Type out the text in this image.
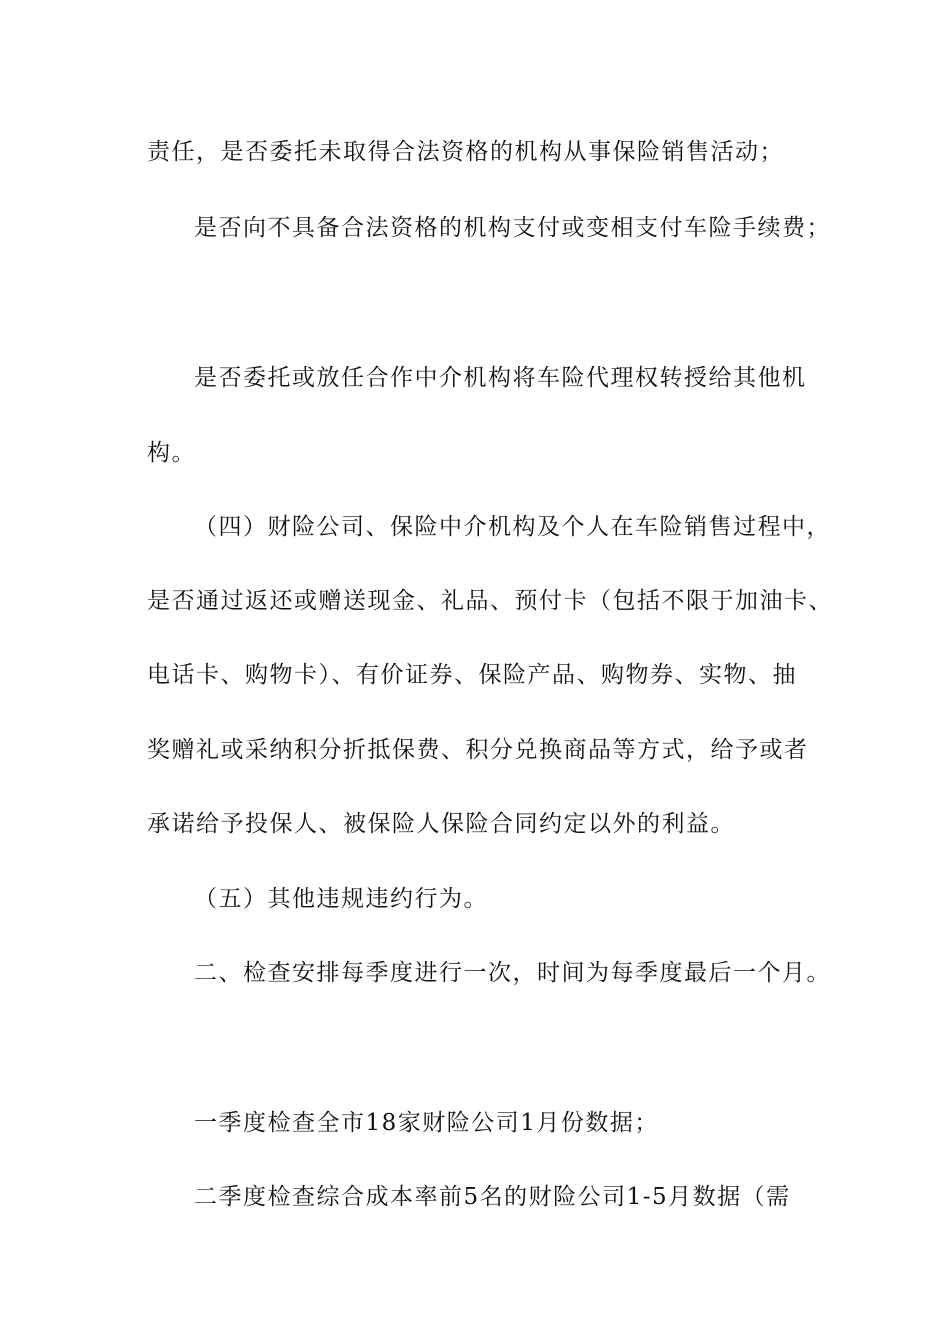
责任，是否委托未取得合法资格的机构从事保险销售活动；
是否向不具备合法资格的机构支付或变相支付车险手续费；
是否委托或放任合作中介机构将车险代理权转授给其他机
构。
（四）财险公司、保险中介机构及个人在车险销售过程中，
是否通过返还或赠送现金、礼品、预付卡（包括不限于加油卡、
电话卡、购物卡）、有价证券、保险产品、购物券、实物、抽
奖赠礼或采纳积分折抵保费、积分兑换商品等方式，给予或者
承诺给予投保人、被保险人保险合同约定以外的利益。
（五）其他违规违约行为。
二、检查安排每季度进行一次，时间为每季度最后一个月。
一季度检查全市18家财险公司1月份数据；
二季度检查综合成本率前5名的财险公司1-5月数据（需
